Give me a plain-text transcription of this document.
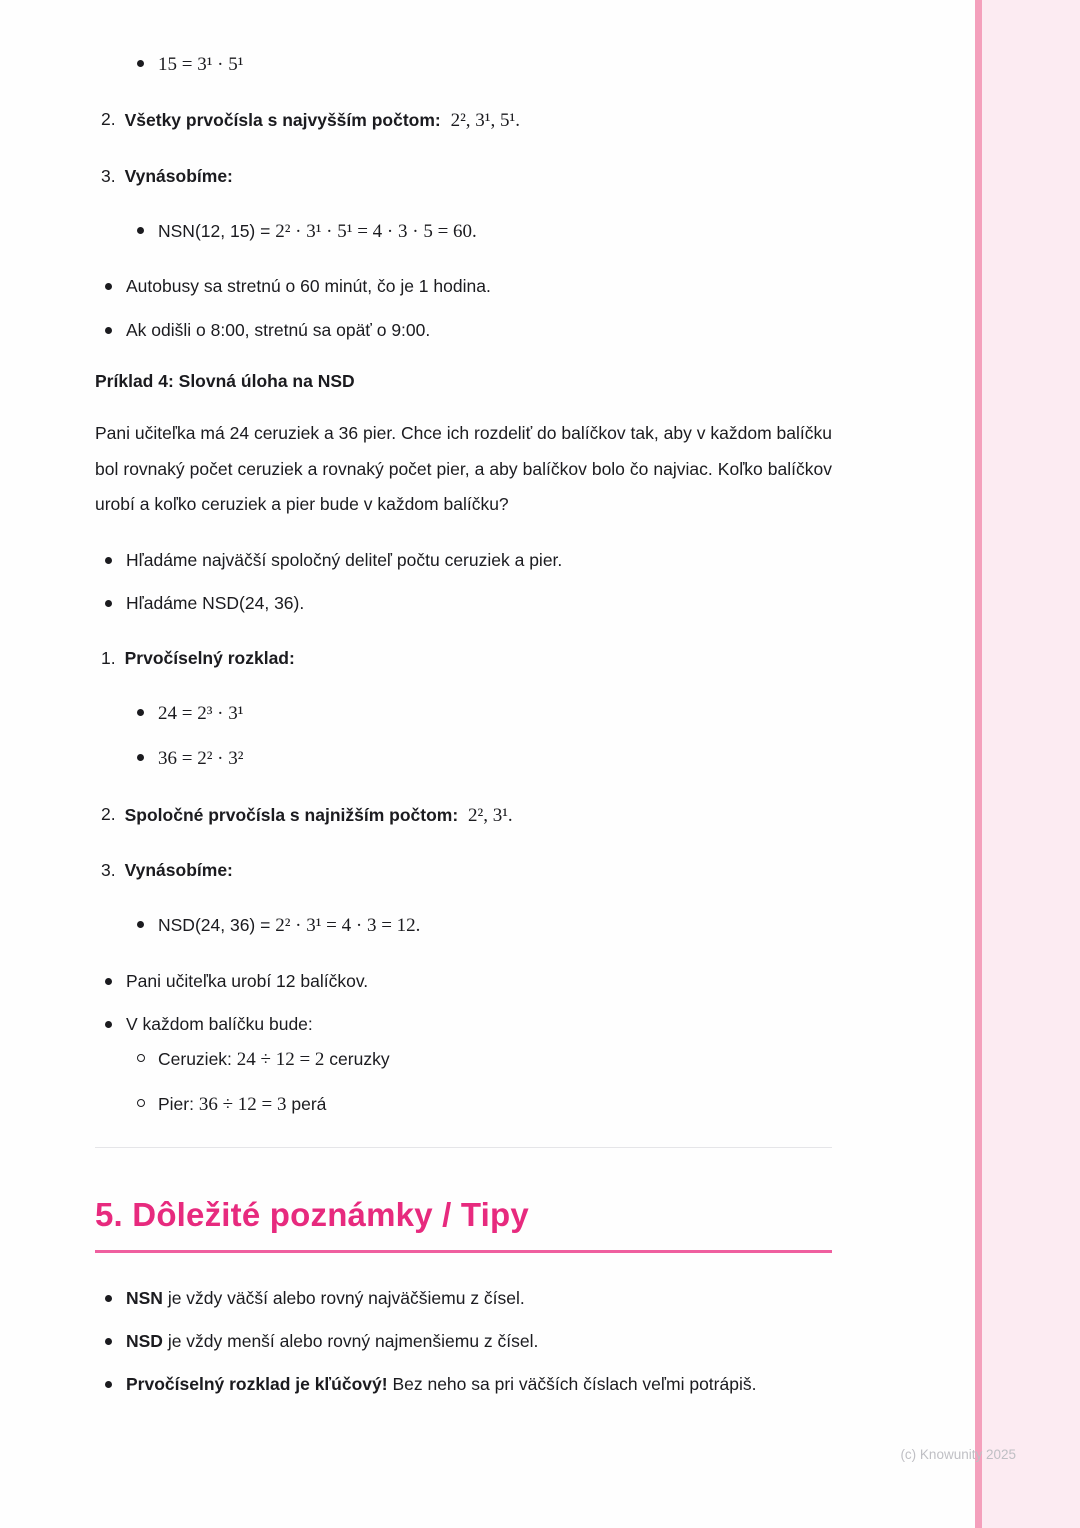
15 = 3¹ · 5¹
2. Všetky prvočísla s najvyšším počtom: 2², 3¹, 5¹.

3. Vynásobíme:

NSN(12, 15) = 2² · 3¹ · 5¹ = 4 · 3 · 5 = 60.
Autobusy sa stretnú o 60 minút, čo je 1 hodina.
Ak odišli o 8:00, stretnú sa opäť o 9:00.
Príklad 4: Slovná úloha na NSD

Pani učiteľka má 24 ceruziek a 36 pier. Chce ich rozdeliť do balíčkov tak, aby v každom balíčku bol rovnaký počet ceruziek a rovnaký počet pier, a aby balíčkov bolo čo najviac. Koľko balíčkov urobí a koľko ceruziek a pier bude v každom balíčku?

Hľadáme najväčší spoločný deliteľ počtu ceruziek a pier.
Hľadáme NSD(24, 36).
1. Prvočíselný rozklad:

24 = 2³ · 3¹
36 = 2² · 3²
2. Spoločné prvočísla s najnižším počtom: 2², 3¹.

3. Vynásobíme:

NSD(24, 36) = 2² · 3¹ = 4 · 3 = 12.
Pani učiteľka urobí 12 balíčkov.
V každom balíčku bude:
Ceruziek: 24 ÷ 12 = 2 ceruzky
Pier: 36 ÷ 12 = 3 perá
5. Dôležité poznámky / Tipy
NSN je vždy väčší alebo rovný najväčšiemu z čísel.
NSD je vždy menší alebo rovný najmenšiemu z čísel.
Prvočíselný rozklad je kľúčový! Bez neho sa pri väčších číslach veľmi potrápiš.
(c) Knowunity 2025
